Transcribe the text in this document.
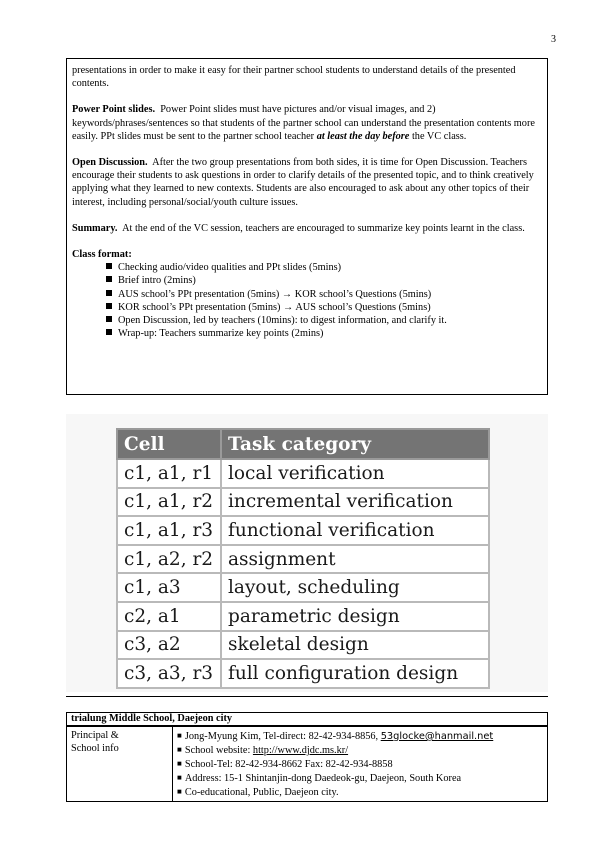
3

presentations in order to make it easy for their partner school students to understand details of the presented contents.

Power Point slides. Power Point slides must have pictures and/or visual images, and 2) keywords/phrases/sentences so that students of the partner school can understand the presentation contents more easily. PPt slides must be sent to the partner school teacher at least the day before the VC class.

Open Discussion. After the two group presentations from both sides, it is time for Open Discussion. Teachers encourage their students to ask questions in order to clarify details of the presented topic, and to think creatively applying what they learned to new contexts. Students are also encouraged to ask about any other topics of their interest, including personal/social/youth culture issues.

Summary. At the end of the VC session, teachers are encouraged to summarize key points learnt in the class.

Class format:

Checking audio/video qualities and PPt slides (5mins)
Brief intro (2mins)
AUS school’s PPt presentation (5mins) → KOR school’s Questions (5mins)
KOR school’s PPt presentation (5mins) → AUS school’s Questions (5mins)
Open Discussion, led by teachers (10mins): to digest information, and clarify it.
Wrap-up: Teachers summarize key points (2mins)
Cell	Task category
c1, a1, r1	local verification
c1, a1, r2	incremental verification
c1, a1, r3	functional verification
c1, a2, r2	assignment
c1, a3	layout, scheduling
c2, a1	parametric design
c3, a2	skeletal design
c3, a3, r3	full configuration design
trialung Middle School, Daejeon city
Principal &
School info

■ Jong-Myung Kim, Tel-direct: 82-42-934-8856, 53glocke@hanmail.net
■ School website: http://www.djdc.ms.kr/
■ School-Tel: 82-42-934-8662 Fax: 82-42-934-8858
■ Address: 15-1 Shintanjin-dong Daedeok-gu, Daejeon, South Korea
■ Co-educational, Public, Daejeon city.
